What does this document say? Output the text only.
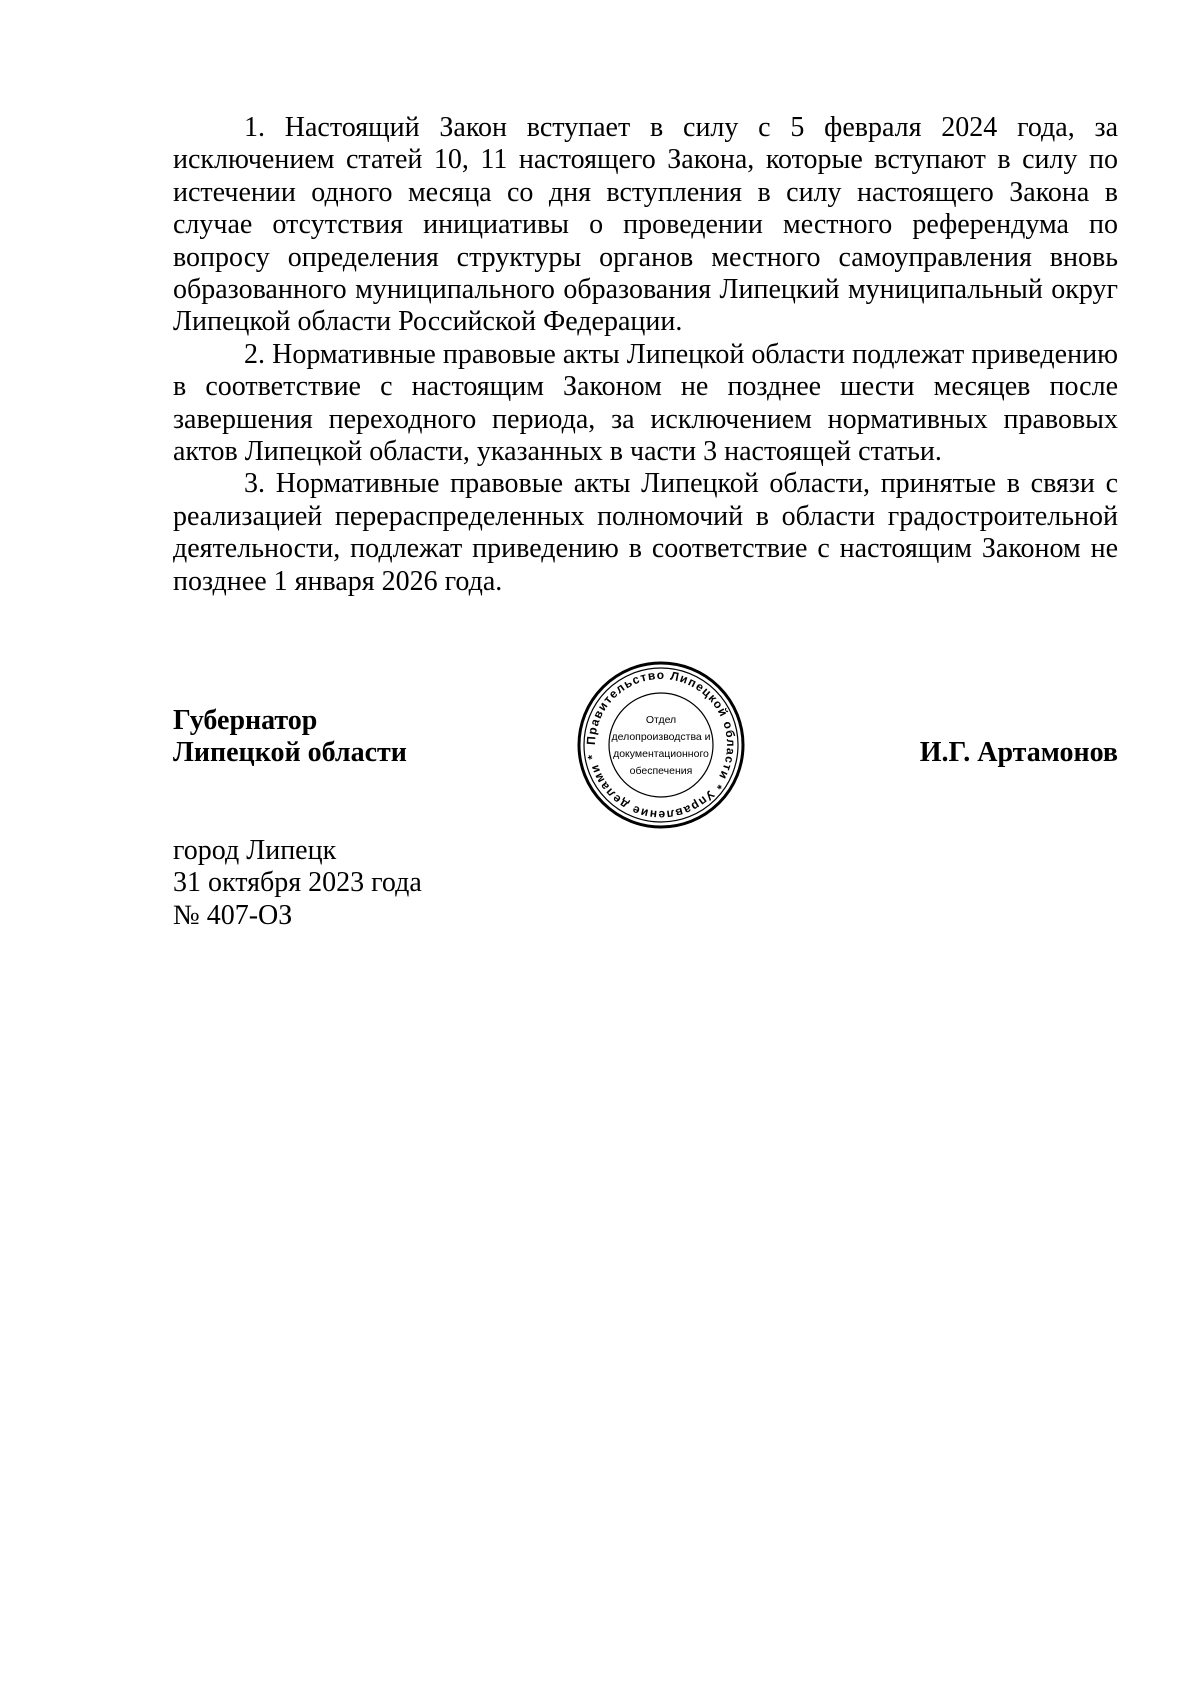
1. Настоящий Закон вступает в силу с 5 февраля 2024 года, за исключением статей 10, 11 настоящего Закона, которые вступают в силу по истечении одного месяца со дня вступления в силу настоящего Закона в случае отсутствия инициативы о проведении местного референдума по вопросу определения структуры органов местного самоуправления вновь образованного муниципального образования Липецкий муниципальный округ Липецкой области Российской Федерации.

2. Нормативные правовые акты Липецкой области подлежат приведению в соответствие с настоящим Законом не позднее шести месяцев после завершения переходного периода, за исключением нормативных правовых актов Липецкой области, указанных в части 3 настоящей статьи.

3. Нормативные правовые акты Липецкой области, принятые в связи с реализацией перераспределенных полномочий в области градостроительной деятельности, подлежат приведению в соответствие с настоящим Законом не позднее 1 января 2026 года.

Губернатор
Липецкой области	Правительство Липецкой области * Управление делами *
Отдел
делопроизводства и
документационного
обеспечения
И.Г. Артамонов
город Липецк
31 октября 2023 года
№ 407-ОЗ
